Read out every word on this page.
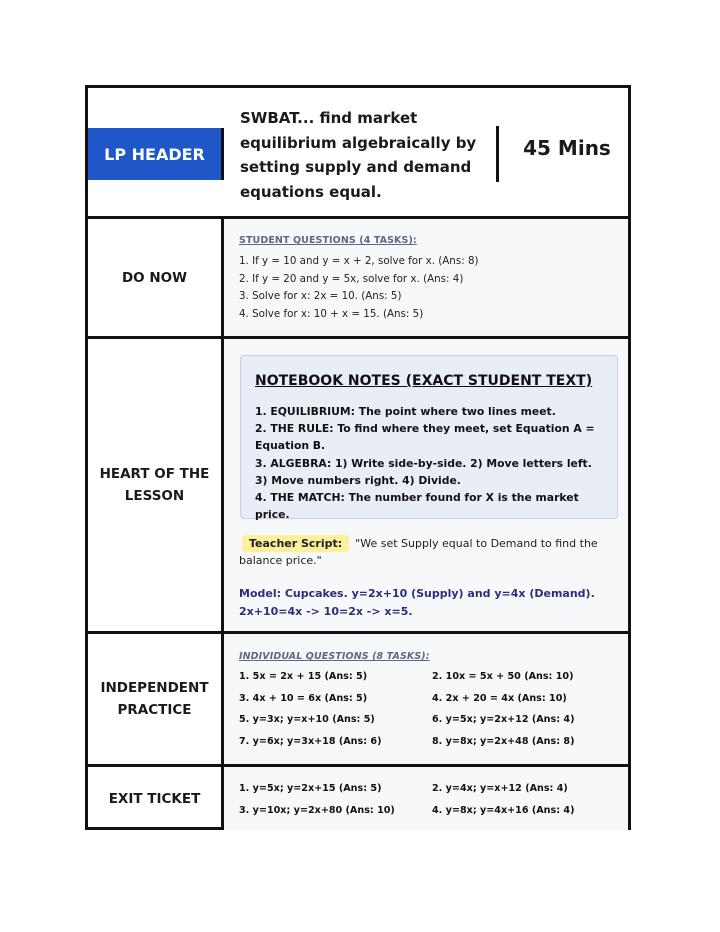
LP HEADER
SWBAT... find market equilibrium algebraically by setting supply and demand equations equal.
45 Mins
DO NOW
STUDENT QUESTIONS (4 TASKS):
1. If y = 10 and y = x + 2, solve for x. (Ans: 8)
2. If y = 20 and y = 5x, solve for x. (Ans: 4)
3. Solve for x: 2x = 10. (Ans: 5)
4. Solve for x: 10 + x = 15. (Ans: 5)
HEART OF THE LESSON
NOTEBOOK NOTES (EXACT STUDENT TEXT)
1. EQUILIBRIUM: The point where two lines meet.
2. THE RULE: To find where they meet, set Equation A = Equation B.
3. ALGEBRA: 1) Write side-by-side. 2) Move letters left. 3) Move numbers right. 4) Divide.
4. THE MATCH: The number found for X is the market price.
Teacher Script: "We set Supply equal to Demand to find the balance price."
Model: Cupcakes. y=2x+10 (Supply) and y=4x (Demand). 2x+10=4x -> 10=2x -> x=5.
INDEPENDENT PRACTICE
INDIVIDUAL QUESTIONS (8 TASKS):
1. 5x = 2x + 15 (Ans: 5)	2. 10x = 5x + 50 (Ans: 10)
3. 4x + 10 = 6x (Ans: 5)	4. 2x + 20 = 4x (Ans: 10)
5. y=3x; y=x+10 (Ans: 5)	6. y=5x; y=2x+12 (Ans: 4)
7. y=6x; y=3x+18 (Ans: 6)	8. y=8x; y=2x+48 (Ans: 8)
EXIT TICKET
1. y=5x; y=2x+15 (Ans: 5)	2. y=4x; y=x+12 (Ans: 4)
3. y=10x; y=2x+80 (Ans: 10)	4. y=8x; y=4x+16 (Ans: 4)
